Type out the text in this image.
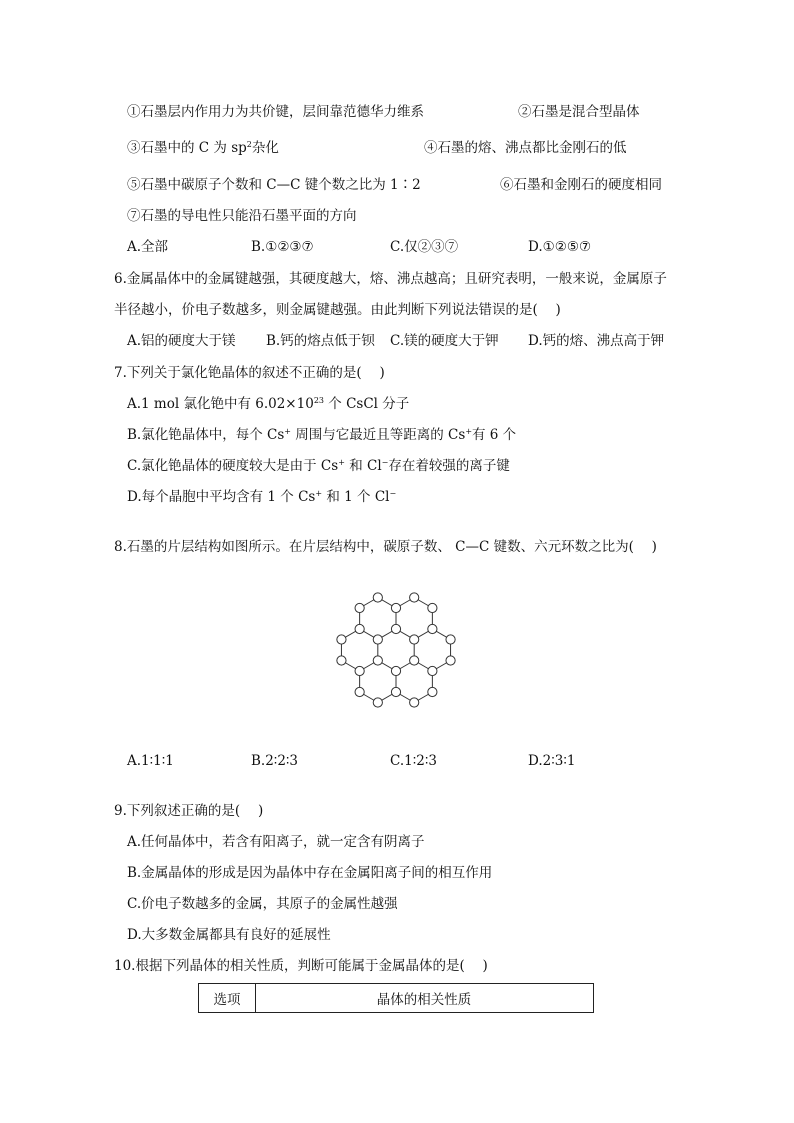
①石墨层内作用力为共价键，层间靠范德华力维系	②石墨是混合型晶体
③石墨中的 C 为 $sp^2$杂化	④石墨的熔、沸点都比金刚石的低
⑤石墨中碳原子个数和 C—C 键个数之比为 1∶2	⑥石墨和金刚石的硬度相同
⑦石墨的导电性只能沿石墨平面的方向
A.全部	B.①②③⑦	C.仅②③⑦	D.①②⑤⑦
6.金属晶体中的金属键越强，其硬度越大，熔、沸点越高；且研究表明，一般来说，金属原子
半径越小，价电子数越多，则金属键越强。由此判断下列说法错误的是(　 )
A.铝的硬度大于镁 B.钙的熔点低于钡 C.镁的硬度大于钾 D.钙的熔、沸点高于钾
7.下列关于氯化铯晶体的叙述不正确的是(　 )
A.1 mol 氯化铯中有 $6.02\times 10^{23}$ 个 CsCl 分子
B.氯化铯晶体中，每个 Cs+ 周围与它最近且等距离的 Cs+有 6 个
C.氯化铯晶体的硬度较大是由于 Cs+ 和 Cl−存在着较强的离子键
D.每个晶胞中平均含有 1 个 Cs+ 和 1 个 Cl−
8.石墨的片层结构如图所示。在片层结构中，碳原子数、 C—C 键数、六元环数之比为(　 )
A.1∶1∶1	B.2∶2∶3	C.1∶2∶3	D.2∶3∶1
9.下列叙述正确的是(　 )
A.任何晶体中，若含有阳离子，就一定含有阴离子
B.金属晶体的形成是因为晶体中存在金属阳离子间的相互作用
C.价电子数越多的金属，其原子的金属性越强
D.大多数金属都具有良好的延展性
10.根据下列晶体的相关性质，判断可能属于金属晶体的是(　 )
选项	晶体的相关性质
